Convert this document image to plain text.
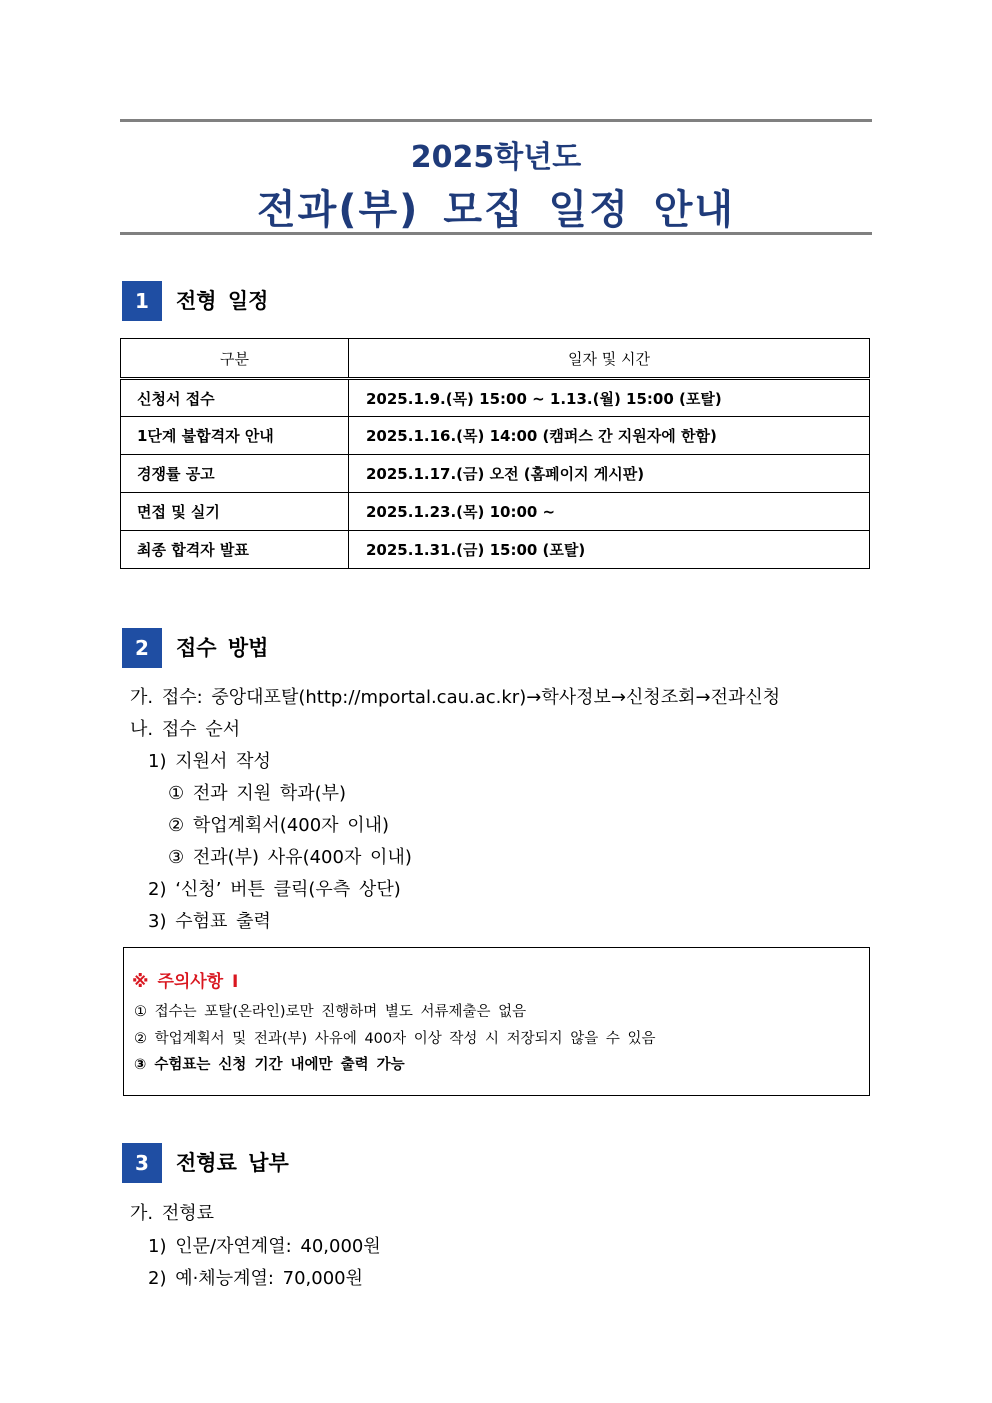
2025학년도
전과(부) 모집 일정 안내
1	전형 일정
구분	일자 및 시간
신청서 접수	2025.1.9.(목) 15:00 ~ 1.13.(월) 15:00 (포탈)
1단계 불합격자 안내	2025.1.16.(목) 14:00 (캠퍼스 간 지원자에 한함)
경쟁률 공고	2025.1.17.(금) 오전 (홈페이지 게시판)
면접 및 실기	2025.1.23.(목) 10:00 ~
최종 합격자 발표	2025.1.31.(금) 15:00 (포탈)
2	접수 방법
가. 접수: 중앙대포탈(http://mportal.cau.ac.kr)→학사정보→신청조회→전과신청
나. 접수 순서
1) 지원서 작성
① 전과 지원 학과(부)
② 학업계획서(400자 이내)
③ 전과(부) 사유(400자 이내)
2) ‘신청’ 버튼 클릭(우측 상단)
3) 수험표 출력
※ 주의사항 Ⅰ
① 접수는 포탈(온라인)로만 진행하며 별도 서류제출은 없음
② 학업계획서 및 전과(부) 사유에 400자 이상 작성 시 저장되지 않을 수 있음
③ 수험표는 신청 기간 내에만 출력 가능
3	전형료 납부
가. 전형료
1) 인문/자연계열: 40,000원
2) 예·체능계열: 70,000원
